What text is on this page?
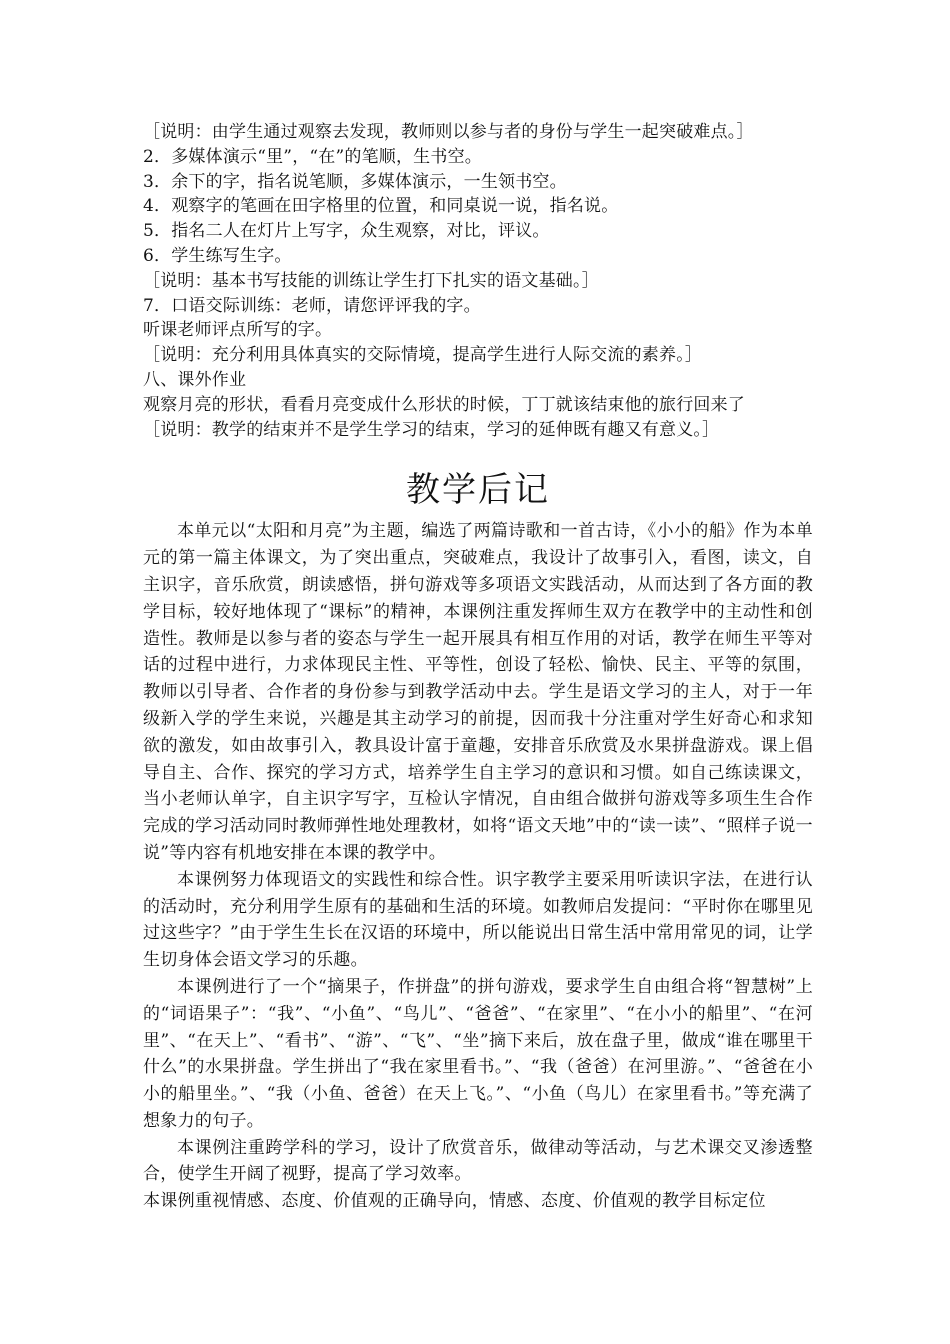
［说明：由学生通过观察去发现，教师则以参与者的身份与学生一起突破难点。］
2．多媒体演示“里”，“在”的笔顺，生书空。
3．余下的字，指名说笔顺，多媒体演示，一生领书空。
4．观察字的笔画在田字格里的位置，和同桌说一说，指名说。
5．指名二人在灯片上写字，众生观察，对比，评议。
6．学生练写生字。
［说明：基本书写技能的训练让学生打下扎实的语文基础。］
7．口语交际训练：老师，请您评评我的字。
听课老师评点所写的字。
［说明：充分利用具体真实的交际情境，提高学生进行人际交流的素养。］
八、课外作业
观察月亮的形状，看看月亮变成什么形状的时候，丁丁就该结束他的旅行回来了
［说明：教学的结束并不是学生学习的结束，学习的延伸既有趣又有意义。］
教学后记
本单元以“太阳和月亮”为主题，编选了两篇诗歌和一首古诗，《小小的船》作为本单元的第一篇主体课文，为了突出重点，突破难点，我设计了故事引入，看图，读文，自主识字，音乐欣赏，朗读感悟，拼句游戏等多项语文实践活动，从而达到了各方面的教学目标，较好地体现了“课标”的精神，本课例注重发挥师生双方在教学中的主动性和创造性。教师是以参与者的姿态与学生一起开展具有相互作用的对话，教学在师生平等对话的过程中进行，力求体现民主性、平等性，创设了轻松、愉快、民主、平等的氛围，教师以引导者、合作者的身份参与到教学活动中去。学生是语文学习的主人，对于一年级新入学的学生来说，兴趣是其主动学习的前提，因而我十分注重对学生好奇心和求知欲的激发，如由故事引入，教具设计富于童趣，安排音乐欣赏及水果拼盘游戏。课上倡导自主、合作、探究的学习方式，培养学生自主学习的意识和习惯。如自己练读课文，当小老师认单字，自主识字写字，互检认字情况，自由组合做拼句游戏等多项生生合作完成的学习活动同时教师弹性地处理教材，如将“语文天地”中的“读一读”、“照样子说一说”等内容有机地安排在本课的教学中。
本课例努力体现语文的实践性和综合性。识字教学主要采用听读识字法，在进行认的活动时，充分利用学生原有的基础和生活的环境。如教师启发提问：“平时你在哪里见过这些字？”由于学生生长在汉语的环境中，所以能说出日常生活中常用常见的词，让学生切身体会语文学习的乐趣。
本课例进行了一个“摘果子，作拼盘”的拼句游戏，要求学生自由组合将“智慧树”上的“词语果子”：“我”、“小鱼”、“鸟儿”、“爸爸”、“在家里”、“在小小的船里”、“在河里”、“在天上”、“看书”、“游”、“飞”、“坐”摘下来后，放在盘子里，做成“谁在哪里干什么”的水果拼盘。学生拼出了“我在家里看书。”、“我（爸爸）在河里游。”、“爸爸在小小的船里坐。”、“我（小鱼、爸爸）在天上飞。”、“小鱼（鸟儿）在家里看书。”等充满了想象力的句子。
本课例注重跨学科的学习，设计了欣赏音乐，做律动等活动，与艺术课交叉渗透整合，使学生开阔了视野，提高了学习效率。
本课例重视情感、态度、价值观的正确导向，情感、态度、价值观的教学目标定位
